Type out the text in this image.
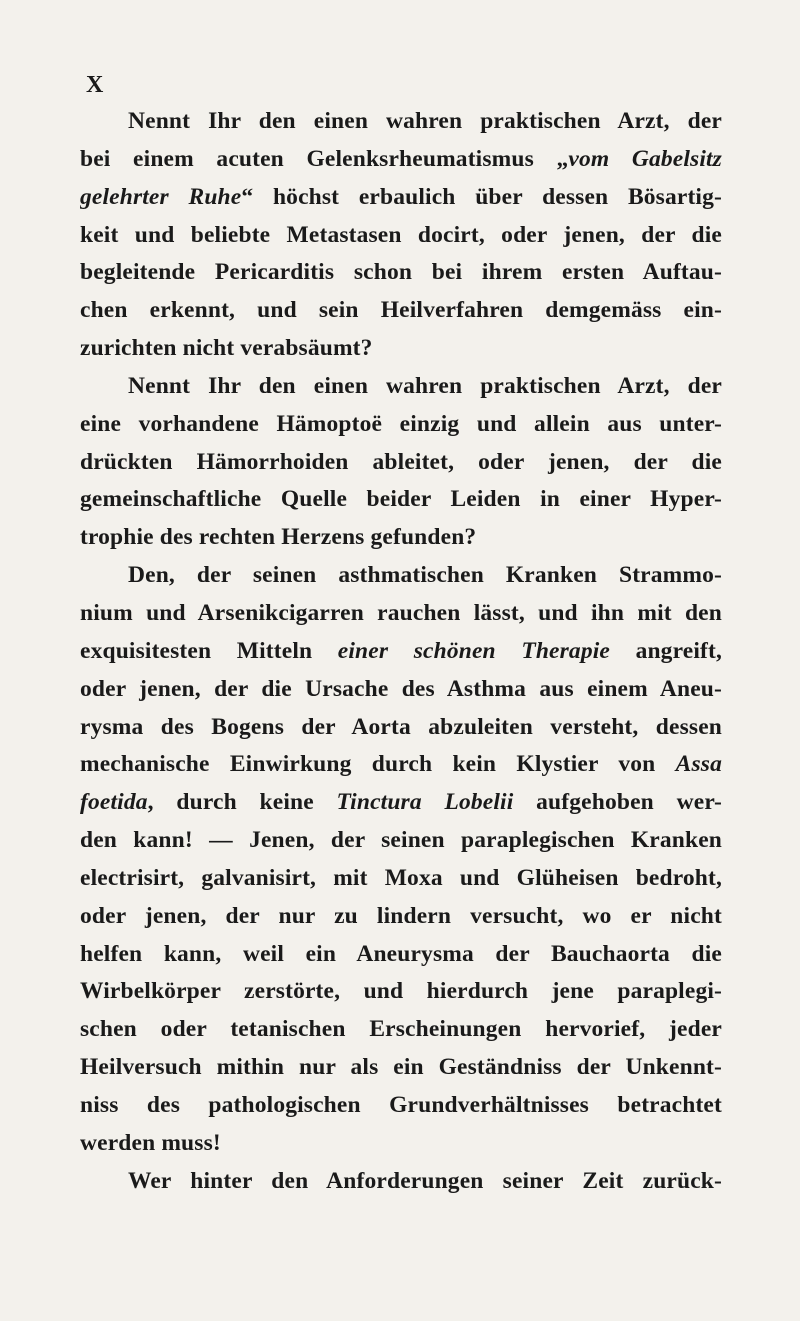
X
Nennt Ihr den einen wahren praktischen Arzt, der
bei einem acuten Gelenksrheumatismus „vom Gabelsitz
gelehrter Ruhe“ höchst erbaulich über dessen Bösartig-
keit und beliebte Metastasen docirt, oder jenen, der die
begleitende Pericarditis schon bei ihrem ersten Auftau-
chen erkennt, und sein Heilverfahren demgemäss ein-
zurichten nicht verabsäumt?
Nennt Ihr den einen wahren praktischen Arzt, der
eine vorhandene Hämoptoë einzig und allein aus unter-
drückten Hämorrhoiden ableitet, oder jenen, der die
gemeinschaftliche Quelle beider Leiden in einer Hyper-
trophie des rechten Herzens gefunden?
Den, der seinen asthmatischen Kranken Strammo-
nium und Arsenikcigarren rauchen lässt, und ihn mit den
exquisitesten Mitteln einer schönen Therapie angreift,
oder jenen, der die Ursache des Asthma aus einem Aneu-
rysma des Bogens der Aorta abzuleiten versteht, dessen
mechanische Einwirkung durch kein Klystier von Assa
foetida, durch keine Tinctura Lobelii aufgehoben wer-
den kann! — Jenen, der seinen paraplegischen Kranken
electrisirt, galvanisirt, mit Moxa und Glüheisen bedroht,
oder jenen, der nur zu lindern versucht, wo er nicht
helfen kann, weil ein Aneurysma der Bauchaorta die
Wirbelkörper zerstörte, und hierdurch jene paraplegi-
schen oder tetanischen Erscheinungen hervorief, jeder
Heilversuch mithin nur als ein Geständniss der Unkennt-
niss des pathologischen Grundverhältnisses betrachtet
werden muss!
Wer hinter den Anforderungen seiner Zeit zurück-
